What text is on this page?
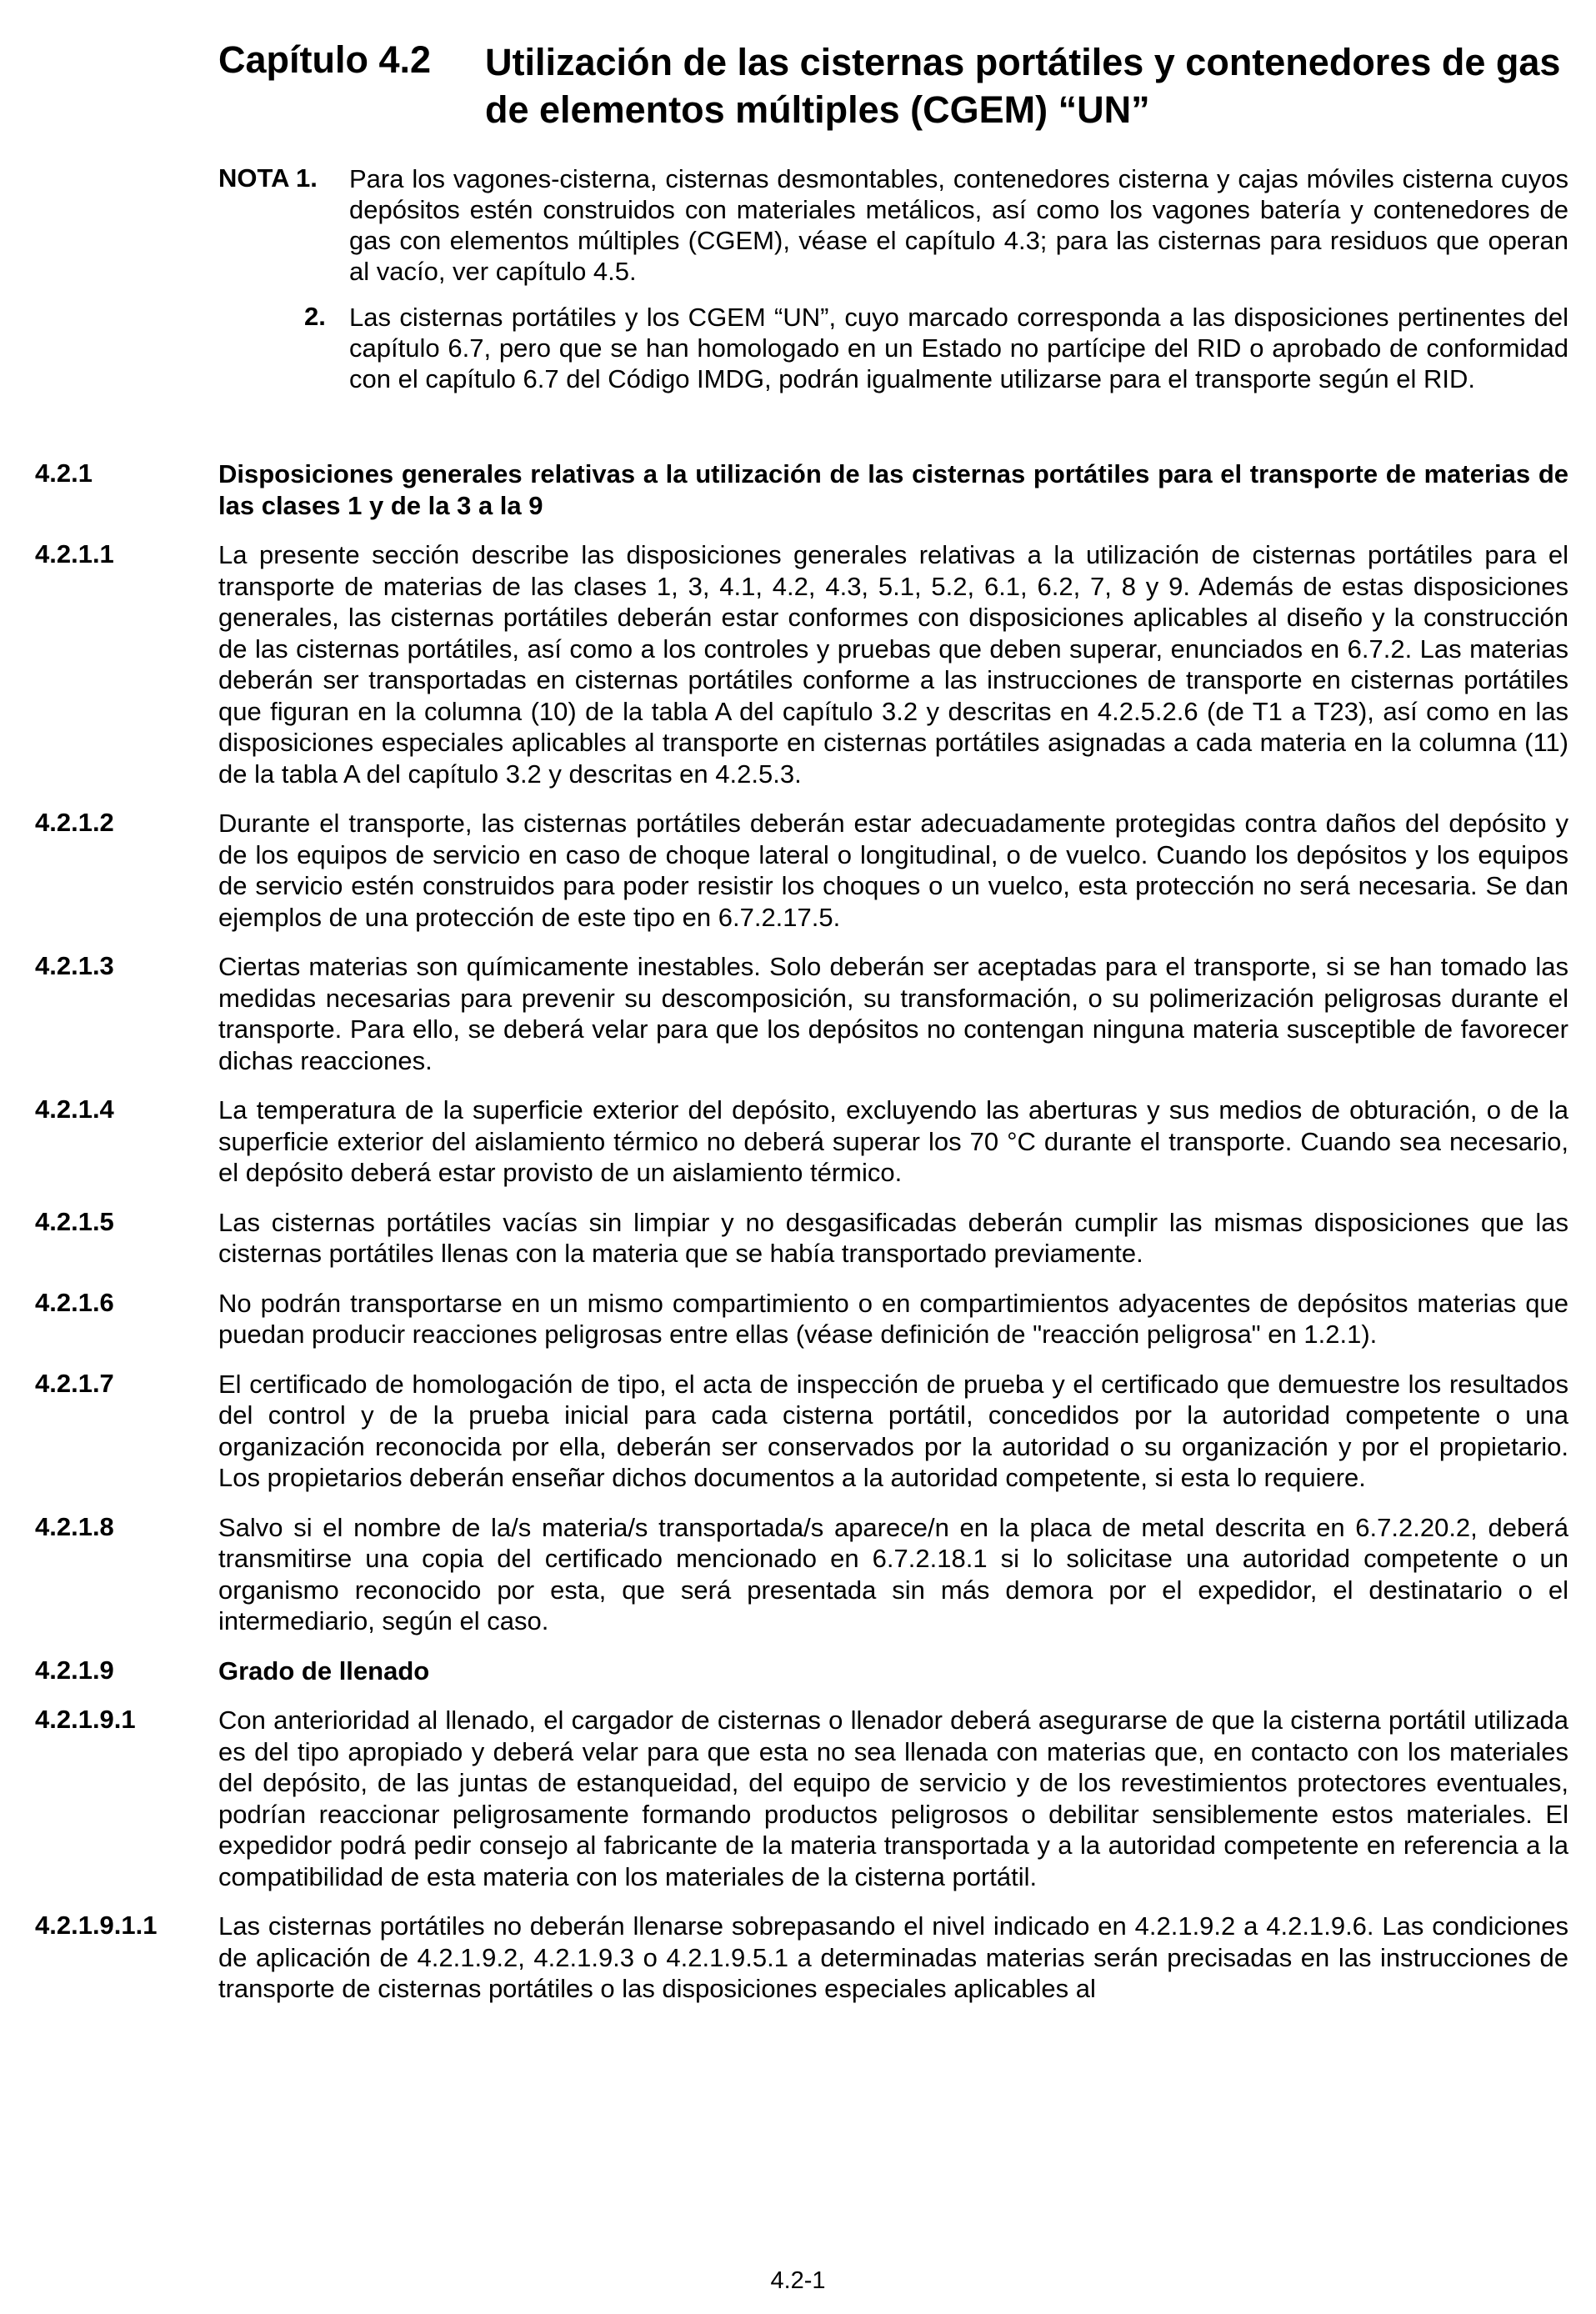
Capítulo 4.2 Utilización de las cisternas portátiles y contenedores de gas de elementos múltiples (CGEM) “UN”
NOTA 1. Para los vagones-cisterna, cisternas desmontables, contenedores cisterna y cajas móviles cisterna cuyos depósitos estén construidos con materiales metálicos, así como los vagones batería y contenedores de gas con elementos múltiples (CGEM), véase el capítulo 4.3; para las cisternas para residuos que operan al vacío, ver capítulo 4.5.
2. Las cisternas portátiles y los CGEM “UN”, cuyo marcado corresponda a las disposiciones pertinentes del capítulo 6.7, pero que se han homologado en un Estado no partícipe del RID o aprobado de conformidad con el capítulo 6.7 del Código IMDG, podrán igualmente utilizarse para el transporte según el RID.
4.2.1	Disposiciones generales relativas a la utilización de las cisternas portátiles para el transporte de materias de las clases 1 y de la 3 a la 9
4.2.1.1	La presente sección describe las disposiciones generales relativas a la utilización de cisternas portátiles para el transporte de materias de las clases 1, 3, 4.1, 4.2, 4.3, 5.1, 5.2, 6.1, 6.2, 7, 8 y 9. Además de estas disposiciones generales, las cisternas portátiles deberán estar conformes con disposiciones aplicables al diseño y la construcción de las cisternas portátiles, así como a los controles y pruebas que deben superar, enunciados en 6.7.2. Las materias deberán ser transportadas en cisternas portátiles conforme a las instrucciones de transporte en cisternas portátiles que figuran en la columna (10) de la tabla A del capítulo 3.2 y descritas en 4.2.5.2.6 (de T1 a T23), así como en las disposiciones especiales aplicables al transporte en cisternas portátiles asignadas a cada materia en la columna (11) de la tabla A del capítulo 3.2 y descritas en 4.2.5.3.
4.2.1.2	Durante el transporte, las cisternas portátiles deberán estar adecuadamente protegidas contra daños del depósito y de los equipos de servicio en caso de choque lateral o longitudinal, o de vuelco. Cuando los depósitos y los equipos de servicio estén construidos para poder resistir los choques o un vuelco, esta protección no será necesaria. Se dan ejemplos de una protección de este tipo en 6.7.2.17.5.
4.2.1.3	Ciertas materias son químicamente inestables. Solo deberán ser aceptadas para el transporte, si se han tomado las medidas necesarias para prevenir su descomposición, su transformación, o su polimerización peligrosas durante el transporte. Para ello, se deberá velar para que los depósitos no contengan ninguna materia susceptible de favorecer dichas reacciones.
4.2.1.4	La temperatura de la superficie exterior del depósito, excluyendo las aberturas y sus medios de obturación, o de la superficie exterior del aislamiento térmico no deberá superar los 70 °C durante el transporte. Cuando sea necesario, el depósito deberá estar provisto de un aislamiento térmico.
4.2.1.5	Las cisternas portátiles vacías sin limpiar y no desgasificadas deberán cumplir las mismas disposiciones que las cisternas portátiles llenas con la materia que se había transportado previamente.
4.2.1.6	No podrán transportarse en un mismo compartimiento o en compartimientos adyacentes de depósitos materias que puedan producir reacciones peligrosas entre ellas (véase definición de "reacción peligrosa" en 1.2.1).
4.2.1.7	El certificado de homologación de tipo, el acta de inspección de prueba y el certificado que demuestre los resultados del control y de la prueba inicial para cada cisterna portátil, concedidos por la autoridad competente o una organización reconocida por ella, deberán ser conservados por la autoridad o su organización y por el propietario. Los propietarios deberán enseñar dichos documentos a la autoridad competente, si esta lo requiere.
4.2.1.8	Salvo si el nombre de la/s materia/s transportada/s aparece/n en la placa de metal descrita en 6.7.2.20.2, deberá transmitirse una copia del certificado mencionado en 6.7.2.18.1 si lo solicitase una autoridad competente o un organismo reconocido por esta, que será presentada sin más demora por el expedidor, el destinatario o el intermediario, según el caso.
4.2.1.9	Grado de llenado
4.2.1.9.1	Con anterioridad al llenado, el cargador de cisternas o llenador deberá asegurarse de que la cisterna portátil utilizada es del tipo apropiado y deberá velar para que esta no sea llenada con materias que, en contacto con los materiales del depósito, de las juntas de estanqueidad, del equipo de servicio y de los revestimientos protectores eventuales, podrían reaccionar peligrosamente formando productos peligrosos o debilitar sensiblemente estos materiales. El expedidor podrá pedir consejo al fabricante de la materia transportada y a la autoridad competente en referencia a la compatibilidad de esta materia con los materiales de la cisterna portátil.
4.2.1.9.1.1 Las cisternas portátiles no deberán llenarse sobrepasando el nivel indicado en 4.2.1.9.2 a 4.2.1.9.6. Las condiciones de aplicación de 4.2.1.9.2, 4.2.1.9.3 o 4.2.1.9.5.1 a determinadas materias serán precisadas en las instrucciones de transporte de cisternas portátiles o las disposiciones especiales aplicables al
4.2-1
